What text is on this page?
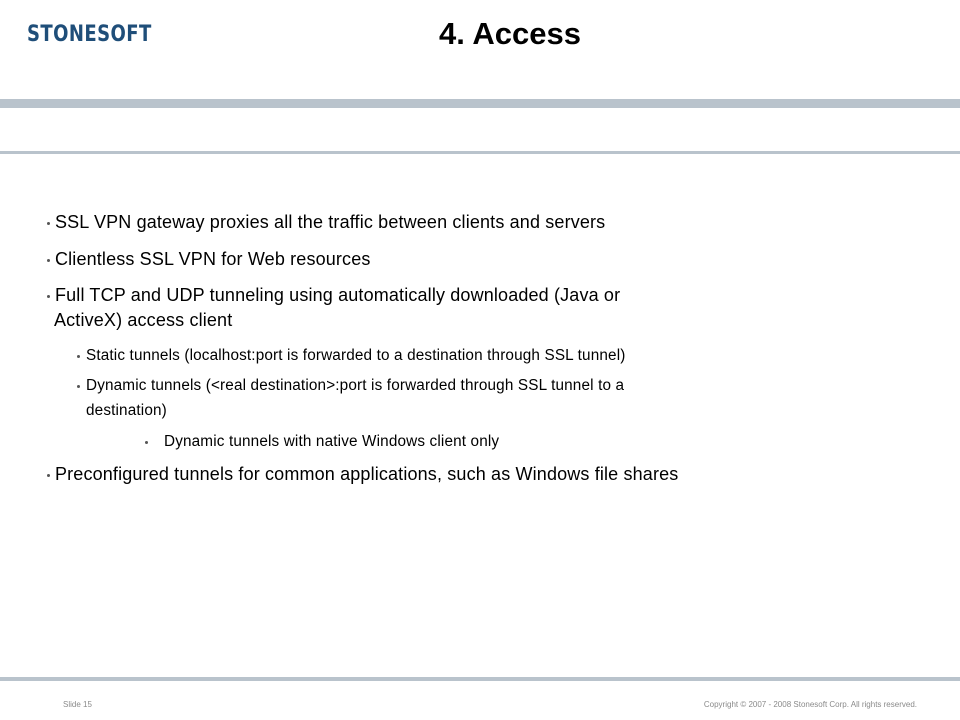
STONESOFT	4. Access
SSL VPN gateway proxies all the traffic between clients and servers
Clientless SSL VPN for Web resources
Full TCP and UDP tunneling using automatically downloaded (Java or
ActiveX) access client
Static tunnels (localhost:port is forwarded to a destination through SSL tunnel)
Dynamic tunnels (<real destination>:port is forwarded through SSL tunnel to a
destination)
Dynamic tunnels with native Windows client only
Preconfigured tunnels for common applications, such as Windows file shares
Slide 15	Copyright © 2007 - 2008 Stonesoft Corp. All rights reserved.
